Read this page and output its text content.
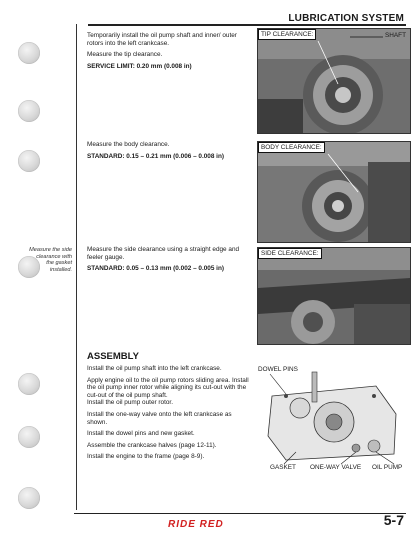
LUBRICATION SYSTEM

Temporarily install the oil pump shaft and inner/ outer rotors into the left crankcase.

Measure the tip clearance.

SERVICE LIMIT: 0.20 mm (0.008 in)

Measure the body clearance.

STANDARD: 0.15 – 0.21 mm (0.006 – 0.008 in)

Measure the side clearance with the gasket installed.

Measure the side clearance using a straight edge and feeler gauge.

STANDARD: 0.05 – 0.13 mm (0.002 – 0.005 in)

ASSEMBLY

Install the oil pump shaft into the left crankcase.

Apply engine oil to the oil pump rotors sliding area. Install the oil pump inner rotor while aligning its cut-out with the cut-out of the oil pump shaft.

Install the oil pump outer rotor.

Install the one-way valve onto the left crankcase as shown.

Install the dowel pins and new gasket.

Assemble the crankcase halves (page 12-11).

Install the engine to the frame (page 8-9).

TIP CLEARANCE:	SHAFT
BODY CLEARANCE:
SIDE CLEARANCE:
DOWEL PINS
GASKET ONE-WAY VALVE OIL PUMP
RIDE RED	5-7
